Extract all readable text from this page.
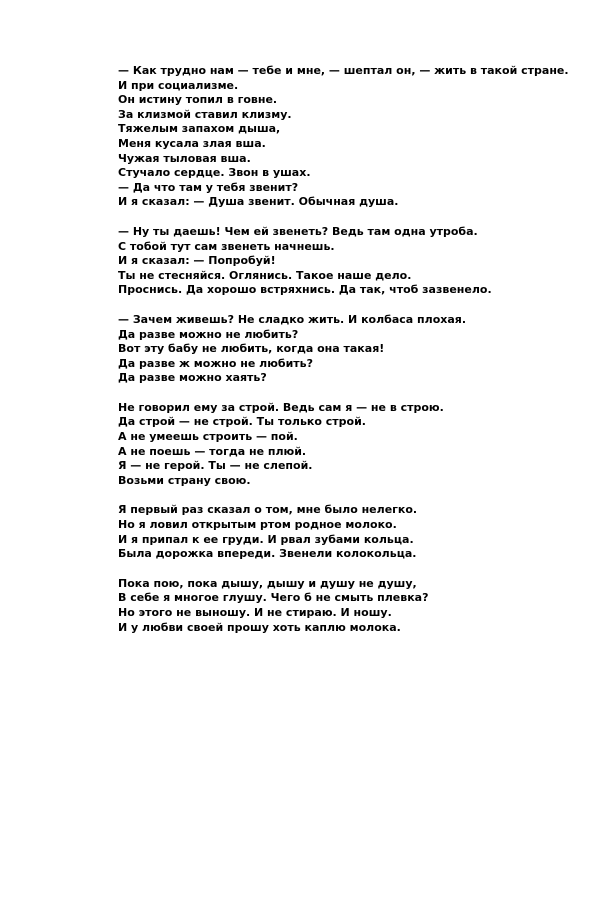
— Как трудно нам — тебе и мне, — шептал он, — жить в такой стране.
И при социализме.
Он истину топил в говне.
За клизмой ставил клизму.
Тяжелым запахом дыша,
Меня кусала злая вша.
Чужая тыловая вша.
Стучало сердце. Звон в ушах.
— Да что там у тебя звенит?
И я сказал: — Душа звенит. Обычная душа.
— Ну ты даешь! Чем ей звенеть? Ведь там одна утроба.
С тобой тут сам звенеть начнешь.
И я сказал: — Попробуй!
Ты не стесняйся. Оглянись. Такое наше дело.
Проснись. Да хорошо встряхнись. Да так, чтоб зазвенело.
— Зачем живешь? Не сладко жить. И колбаса плохая.
Да разве можно не любить?
Вот эту бабу не любить, когда она такая!
Да разве ж можно не любить?
Да разве можно хаять?
Не говорил ему за строй. Ведь сам я — не в строю.
Да строй — не строй. Ты только строй.
А не умеешь строить — пой.
А не поешь — тогда не плюй.
Я — не герой. Ты — не слепой.
Возьми страну свою.
Я первый раз сказал о том, мне было нелегко.
Но я ловил открытым ртом родное молоко.
И я припал к ее груди. И рвал зубами кольца.
Была дорожка впереди. Звенели колокольца.
Пока пою, пока дышу, дышу и душу не душу,
В себе я многое глушу. Чего б не смыть плевка?
Но этого не выношу. И не стираю. И ношу.
И у любви своей прошу хоть каплю молока.
